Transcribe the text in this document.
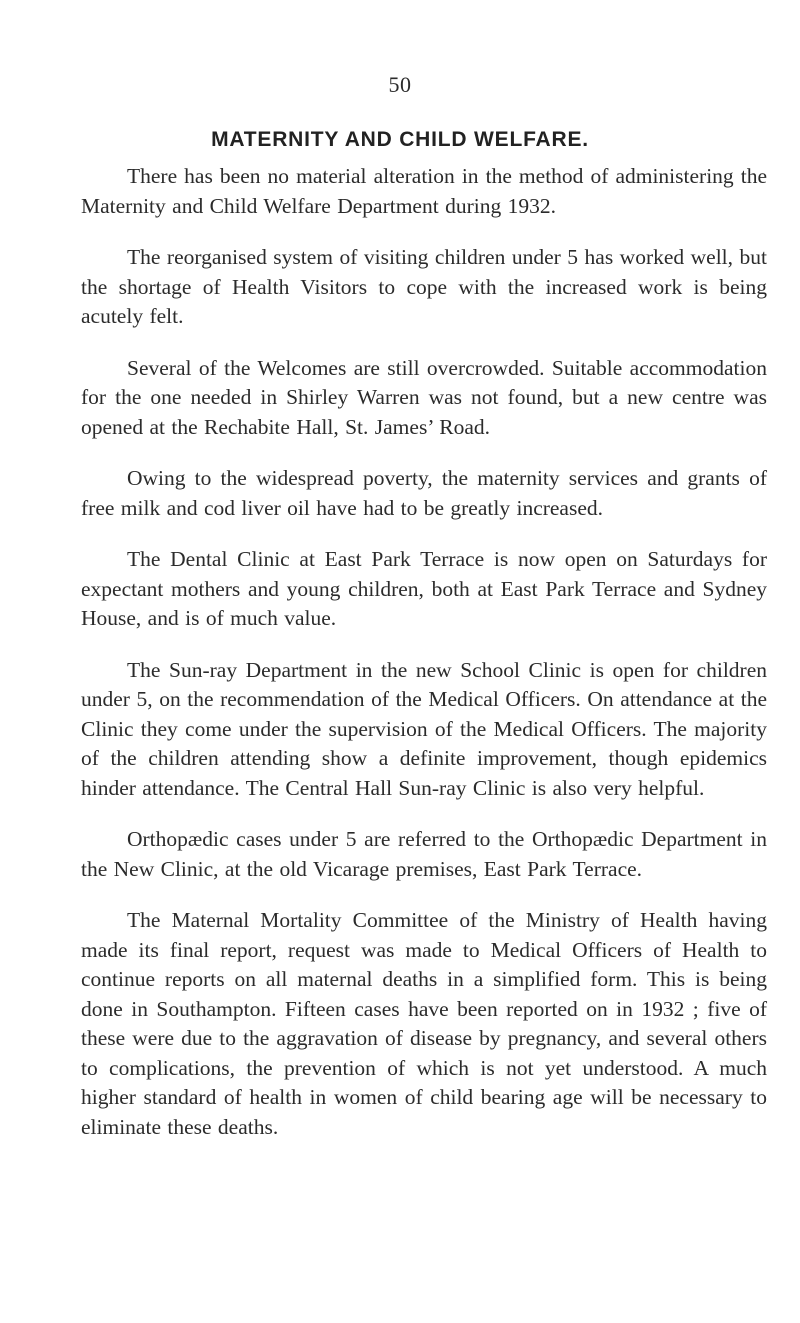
50
MATERNITY AND CHILD WELFARE.

There has been no material alteration in the method of administering the Maternity and Child Welfare Department during 1932.

The reorganised system of visiting children under 5 has worked well, but the shortage of Health Visitors to cope with the increased work is being acutely felt.

Several of the Welcomes are still overcrowded. Suitable accommodation for the one needed in Shirley Warren was not found, but a new centre was opened at the Rechabite Hall, St. James’ Road.

Owing to the widespread poverty, the maternity services and grants of free milk and cod liver oil have had to be greatly increased.

The Dental Clinic at East Park Terrace is now open on Saturdays for expectant mothers and young children, both at East Park Terrace and Sydney House, and is of much value.

The Sun-ray Department in the new School Clinic is open for children under 5, on the recommendation of the Medical Officers. On attendance at the Clinic they come under the supervision of the Medical Officers. The majority of the children attending show a definite improvement, though epidemics hinder attendance. The Central Hall Sun-ray Clinic is also very helpful.

Orthopædic cases under 5 are referred to the Orthopædic Department in the New Clinic, at the old Vicarage premises, East Park Terrace.

The Maternal Mortality Committee of the Ministry of Health having made its final report, request was made to Medical Officers of Health to continue reports on all maternal deaths in a simplified form. This is being done in Southampton. Fifteen cases have been reported on in 1932 ; five of these were due to the aggravation of disease by pregnancy, and several others to complications, the prevention of which is not yet understood. A much higher standard of health in women of child bearing age will be necessary to eliminate these deaths.
